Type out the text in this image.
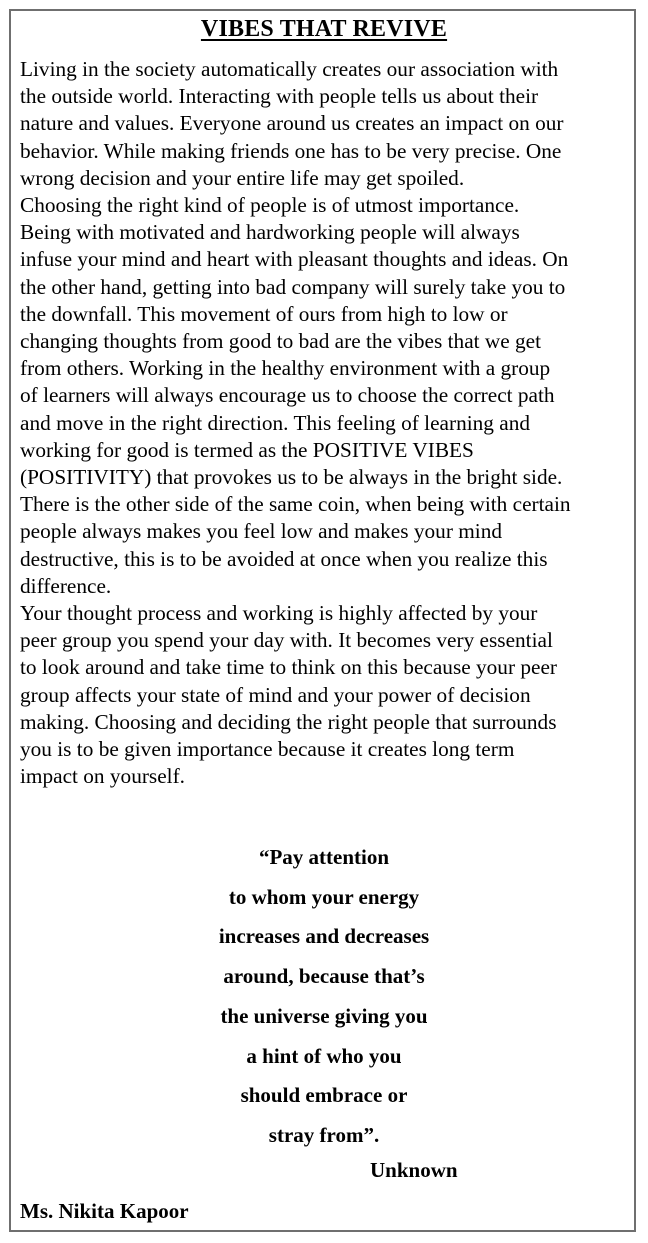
VIBES THAT REVIVE

Living in the society automatically creates our association with
the outside world. Interacting with people tells us about their
nature and values. Everyone around us creates an impact on our
behavior. While making friends one has to be very precise. One
wrong decision and your entire life may get spoiled.

Choosing the right kind of people is of utmost importance.
Being with motivated and hardworking people will always
infuse your mind and heart with pleasant thoughts and ideas. On
the other hand, getting into bad company will surely take you to
the downfall. This movement of ours from high to low or
changing thoughts from good to bad are the vibes that we get
from others. Working in the healthy environment with a group
of learners will always encourage us to choose the correct path
and move in the right direction. This feeling of learning and
working for good is termed as the POSITIVE VIBES
(POSITIVITY) that provokes us to be always in the bright side.
There is the other side of the same coin, when being with certain
people always makes you feel low and makes your mind
destructive, this is to be avoided at once when you realize this
difference.

Your thought process and working is highly affected by your
peer group you spend your day with. It becomes very essential
to look around and take time to think on this because your peer
group affects your state of mind and your power of decision
making. Choosing and deciding the right people that surrounds
you is to be given importance because it creates long term
impact on yourself.

“Pay attention
to whom your energy
increases and decreases
around, because that’s
the universe giving you
a hint of who you
should embrace or
stray from”.
Unknown
Ms. Nikita Kapoor
